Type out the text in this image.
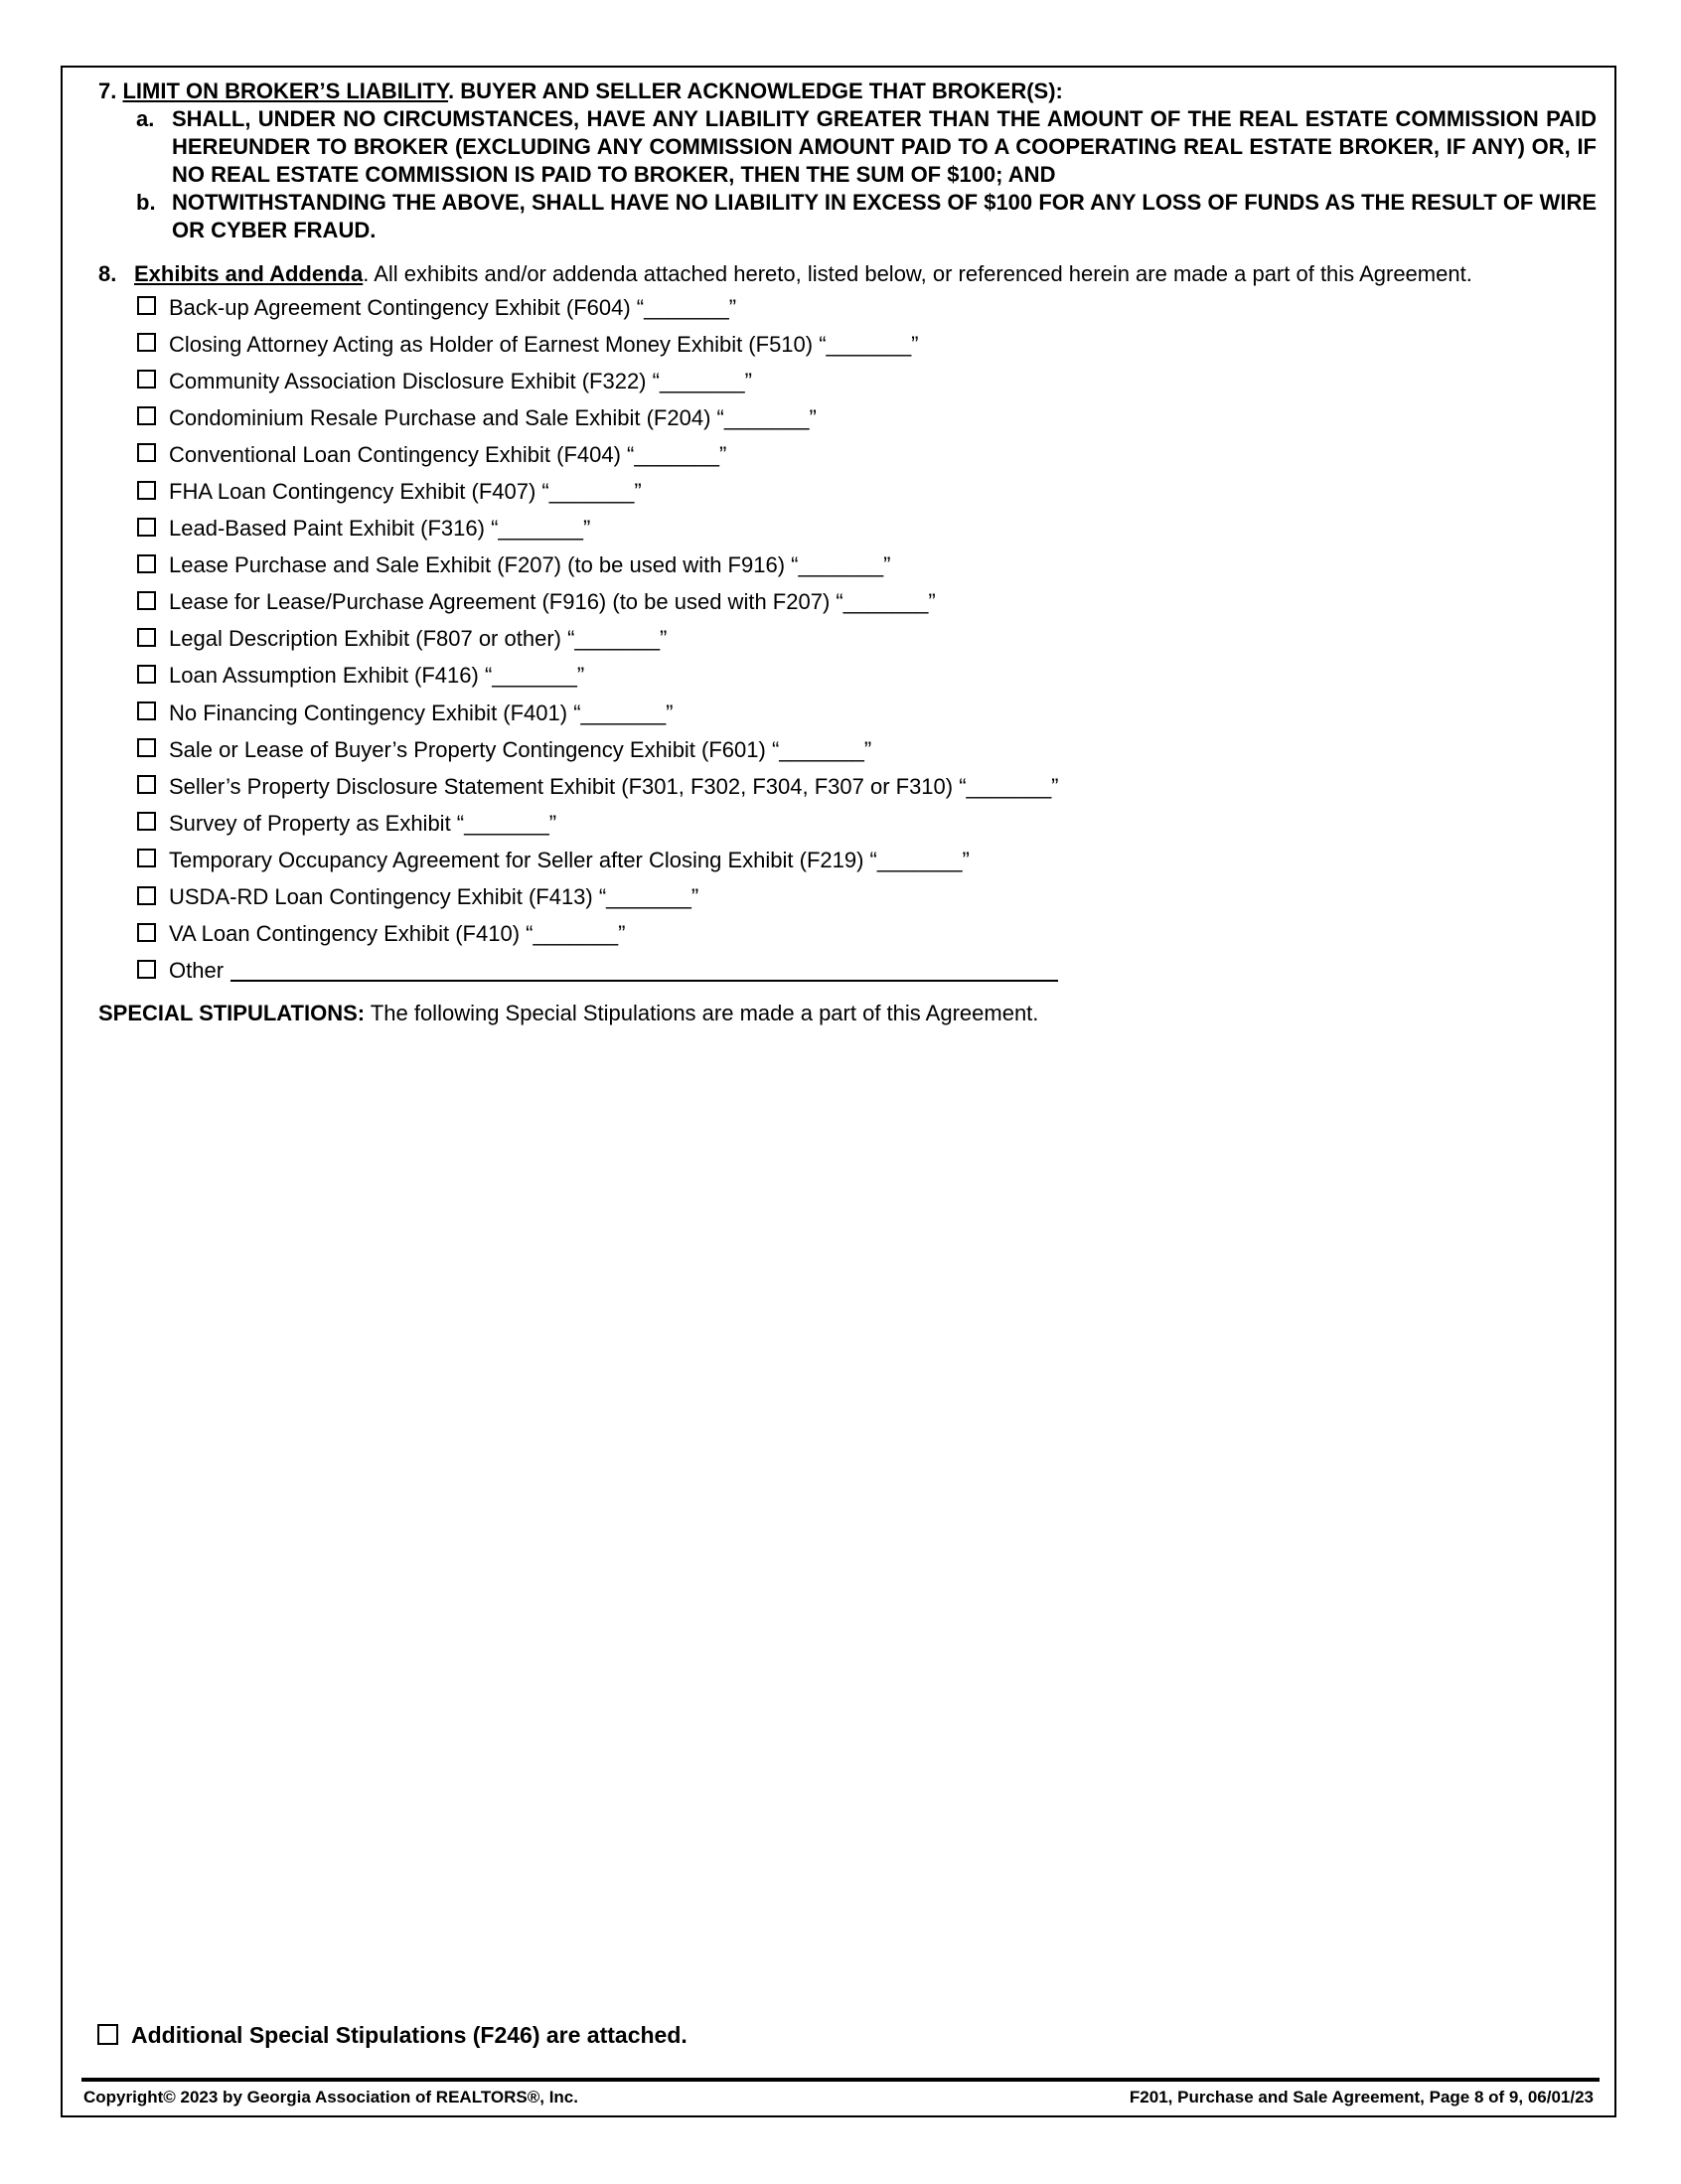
7. LIMIT ON BROKER’S LIABILITY. BUYER AND SELLER ACKNOWLEDGE THAT BROKER(S):
a. SHALL, UNDER NO CIRCUMSTANCES, HAVE ANY LIABILITY GREATER THAN THE AMOUNT OF THE REAL ESTATE COMMISSION PAID HEREUNDER TO BROKER (EXCLUDING ANY COMMISSION AMOUNT PAID TO A COOPERATING REAL ESTATE BROKER, IF ANY) OR, IF NO REAL ESTATE COMMISSION IS PAID TO BROKER, THEN THE SUM OF $100; AND
b. NOTWITHSTANDING THE ABOVE, SHALL HAVE NO LIABILITY IN EXCESS OF $100 FOR ANY LOSS OF FUNDS AS THE RESULT OF WIRE OR CYBER FRAUD.
8. Exhibits and Addenda. All exhibits and/or addenda attached hereto, listed below, or referenced herein are made a part of this Agreement.
Back-up Agreement Contingency Exhibit (F604) “_______”
Closing Attorney Acting as Holder of Earnest Money Exhibit (F510) “_______”
Community Association Disclosure Exhibit (F322) “_______”
Condominium Resale Purchase and Sale Exhibit (F204) “_______”
Conventional Loan Contingency Exhibit (F404) “_______”
FHA Loan Contingency Exhibit (F407) “_______”
Lead-Based Paint Exhibit (F316) “_______”
Lease Purchase and Sale Exhibit (F207) (to be used with F916) “_______”
Lease for Lease/Purchase Agreement (F916) (to be used with F207) “_______”
Legal Description Exhibit (F807 or other) “_______”
Loan Assumption Exhibit (F416) “_______”
No Financing Contingency Exhibit (F401) “_______”
Sale or Lease of Buyer’s Property Contingency Exhibit (F601) “_______”
Seller’s Property Disclosure Statement Exhibit (F301, F302, F304, F307 or F310) “_______”
Survey of Property as Exhibit “_______”
Temporary Occupancy Agreement for Seller after Closing Exhibit (F219) “_______”
USDA-RD Loan Contingency Exhibit (F413) “_______”
VA Loan Contingency Exhibit (F410) “_______”
Other
SPECIAL STIPULATIONS: The following Special Stipulations are made a part of this Agreement.
Additional Special Stipulations (F246) are attached.
Copyright© 2023 by Georgia Association of REALTORS®, Inc.	F201, Purchase and Sale Agreement, Page 8 of 9, 06/01/23
